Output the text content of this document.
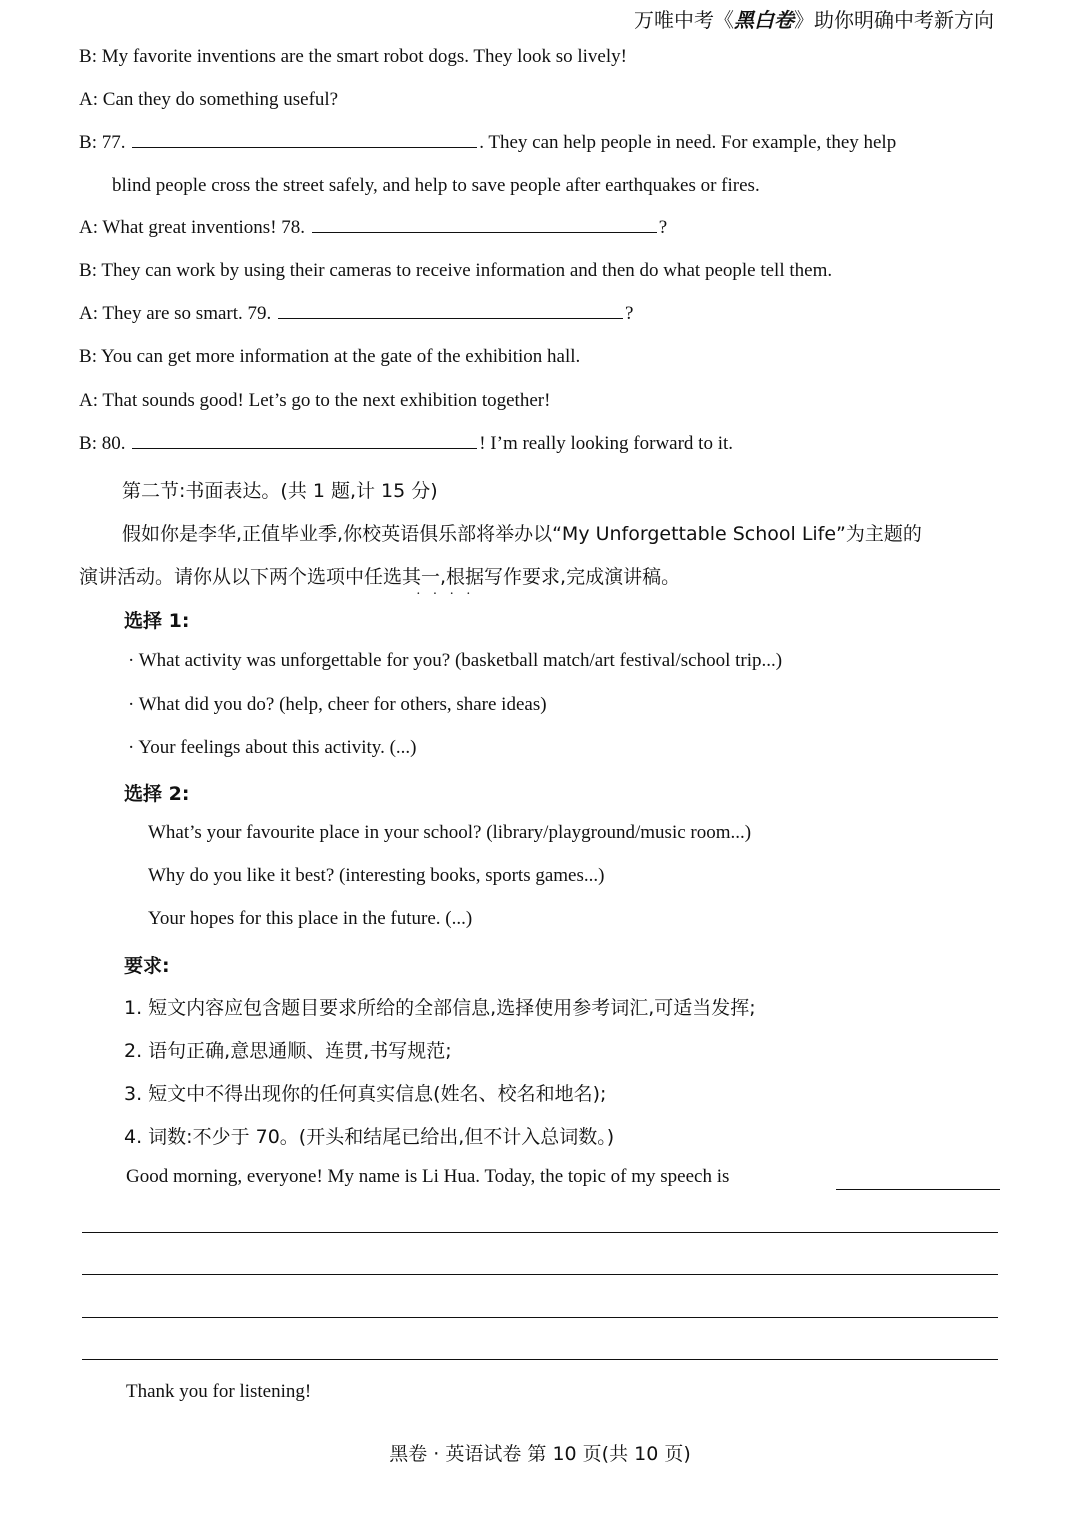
万唯中考《黑白卷》助你明确中考新方向
B: My favorite inventions are the smart robot dogs. They look so lively!
A: Can they do something useful?
B: 77.	. They can help people in need. For example, they help
blind people cross the street safely, and help to save people after earthquakes or fires.
A: What great inventions! 78.	?
B: They can work by using their cameras to receive information and then do what people tell them.
A: They are so smart. 79.	?
B: You can get more information at the gate of the exhibition hall.
A: That sounds good! Let’s go to the next exhibition together!
B: 80.	! I’m really looking forward to it.
第二节:书面表达。(共 1 题,计 15 分)
假如你是李华,正值毕业季,你校英语俱乐部将举办以“My Unforgettable School Life”为主题的
演讲活动。请你从以下两个选项中任选其一,根据写作要求,完成演讲稿。
····
选择 1:
· What activity was unforgettable for you? (basketball match/art festival/school trip...)
· What did you do? (help, cheer for others, share ideas)
· Your feelings about this activity. (...)
选择 2:
What’s your favourite place in your school? (library/playground/music room...)
Why do you like it best? (interesting books, sports games...)
Your hopes for this place in the future. (...)
要求:
1. 短文内容应包含题目要求所给的全部信息,选择使用参考词汇,可适当发挥;
2. 语句正确,意思通顺、连贯,书写规范;
3. 短文中不得出现你的任何真实信息(姓名、校名和地名);
4. 词数:不少于 70。(开头和结尾已给出,但不计入总词数。)
Good morning, everyone! My name is Li Hua. Today, the topic of my speech is
Thank you for listening!
黑卷 · 英语试卷 第 10 页(共 10 页)
